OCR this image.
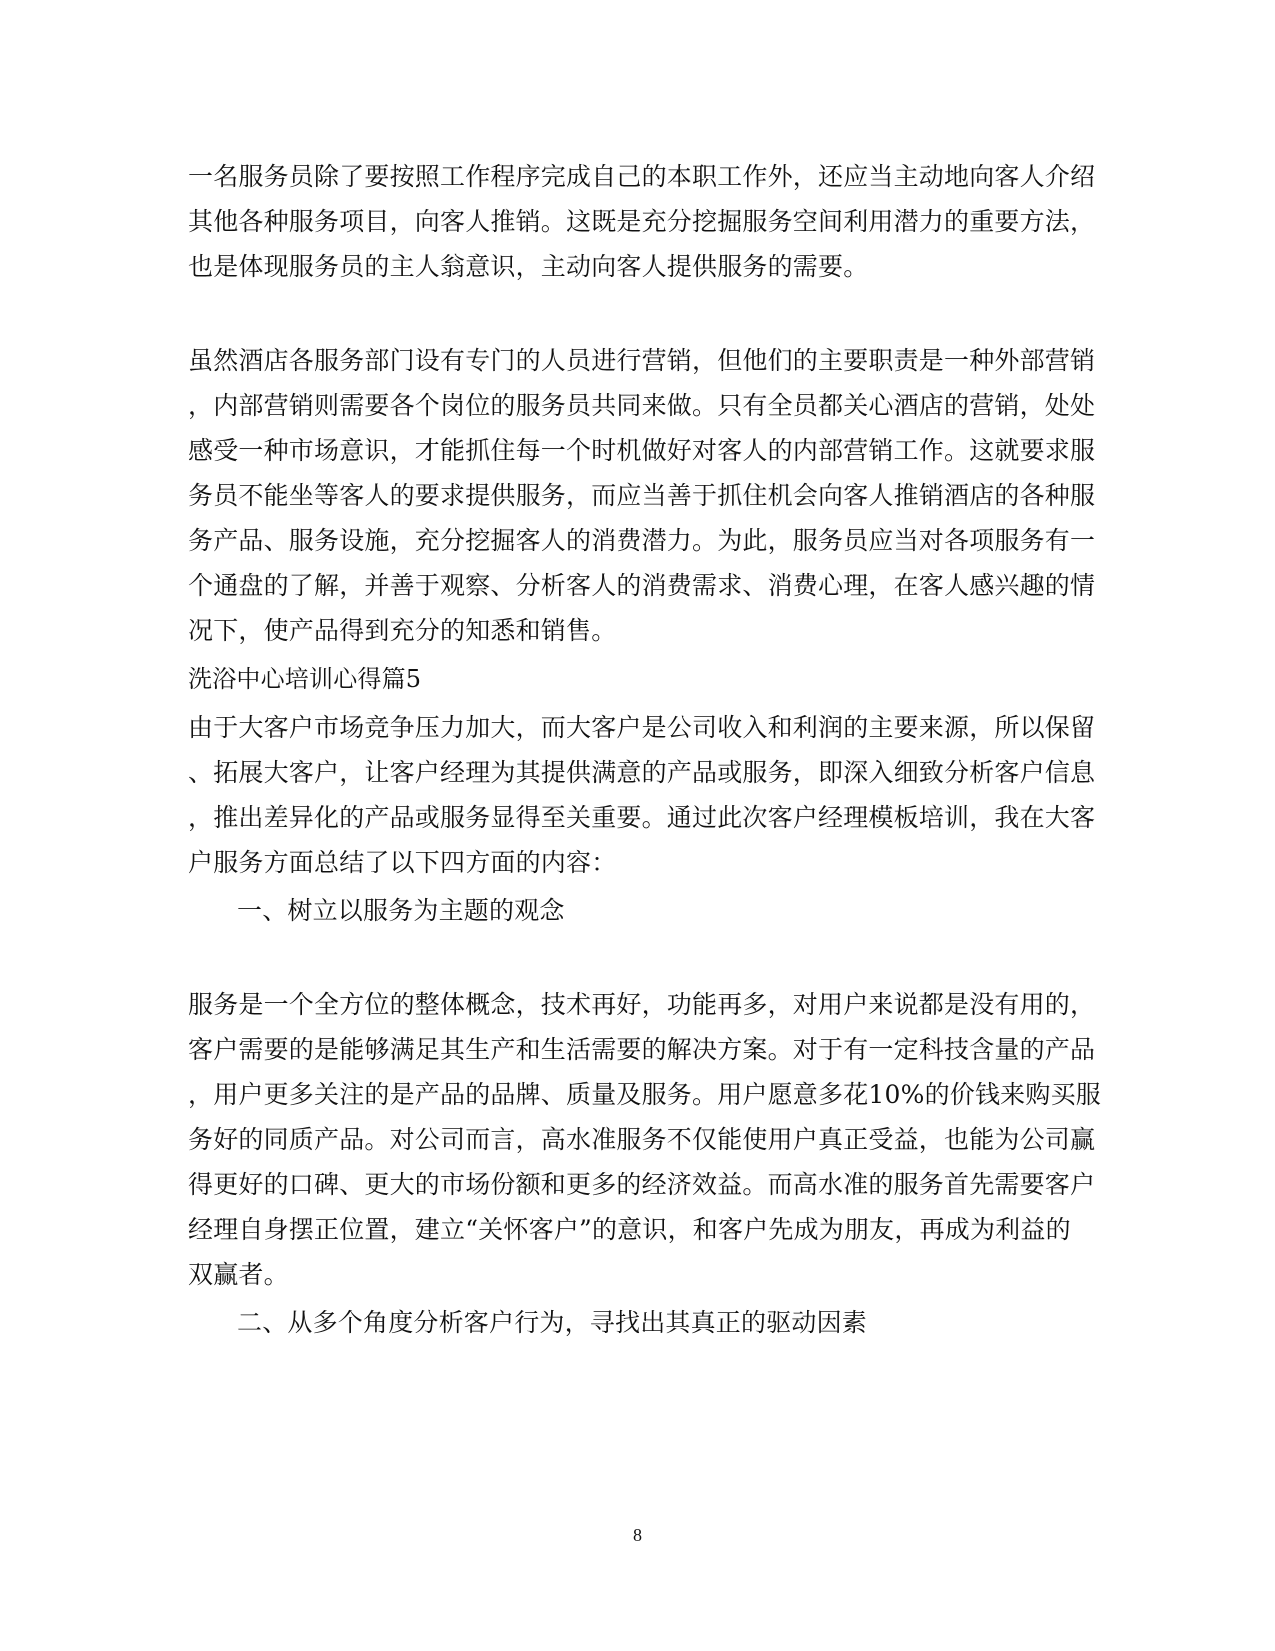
一名服务员除了要按照工作程序完成自己的本职工作外，还应当主动地向客人介绍
其他各种服务项目，向客人推销。这既是充分挖掘服务空间利用潜力的重要方法，
也是体现服务员的主人翁意识，主动向客人提供服务的需要。
虽然酒店各服务部门设有专门的人员进行营销，但他们的主要职责是一种外部营销
，内部营销则需要各个岗位的服务员共同来做。只有全员都关心酒店的营销，处处
感受一种市场意识，才能抓住每一个时机做好对客人的内部营销工作。这就要求服
务员不能坐等客人的要求提供服务，而应当善于抓住机会向客人推销酒店的各种服
务产品、服务设施，充分挖掘客人的消费潜力。为此，服务员应当对各项服务有一
个通盘的了解，并善于观察、分析客人的消费需求、消费心理，在客人感兴趣的情
况下，使产品得到充分的知悉和销售。
洗浴中心培训心得篇5
由于大客户市场竞争压力加大，而大客户是公司收入和利润的主要来源，所以保留
、拓展大客户，让客户经理为其提供满意的产品或服务，即深入细致分析客户信息
，推出差异化的产品或服务显得至关重要。通过此次客户经理模板培训，我在大客
户服务方面总结了以下四方面的内容：
一、树立以服务为主题的观念
服务是一个全方位的整体概念，技术再好，功能再多，对用户来说都是没有用的，
客户需要的是能够满足其生产和生活需要的解决方案。对于有一定科技含量的产品
，用户更多关注的是产品的品牌、质量及服务。用户愿意多花10%的价钱来购买服
务好的同质产品。对公司而言，高水准服务不仅能使用户真正受益，也能为公司赢
得更好的口碑、更大的市场份额和更多的经济效益。而高水准的服务首先需要客户
经理自身摆正位置，建立“关怀客户”的意识，和客户先成为朋友，再成为利益的
双赢者。
二、从多个角度分析客户行为，寻找出其真正的驱动因素
8
